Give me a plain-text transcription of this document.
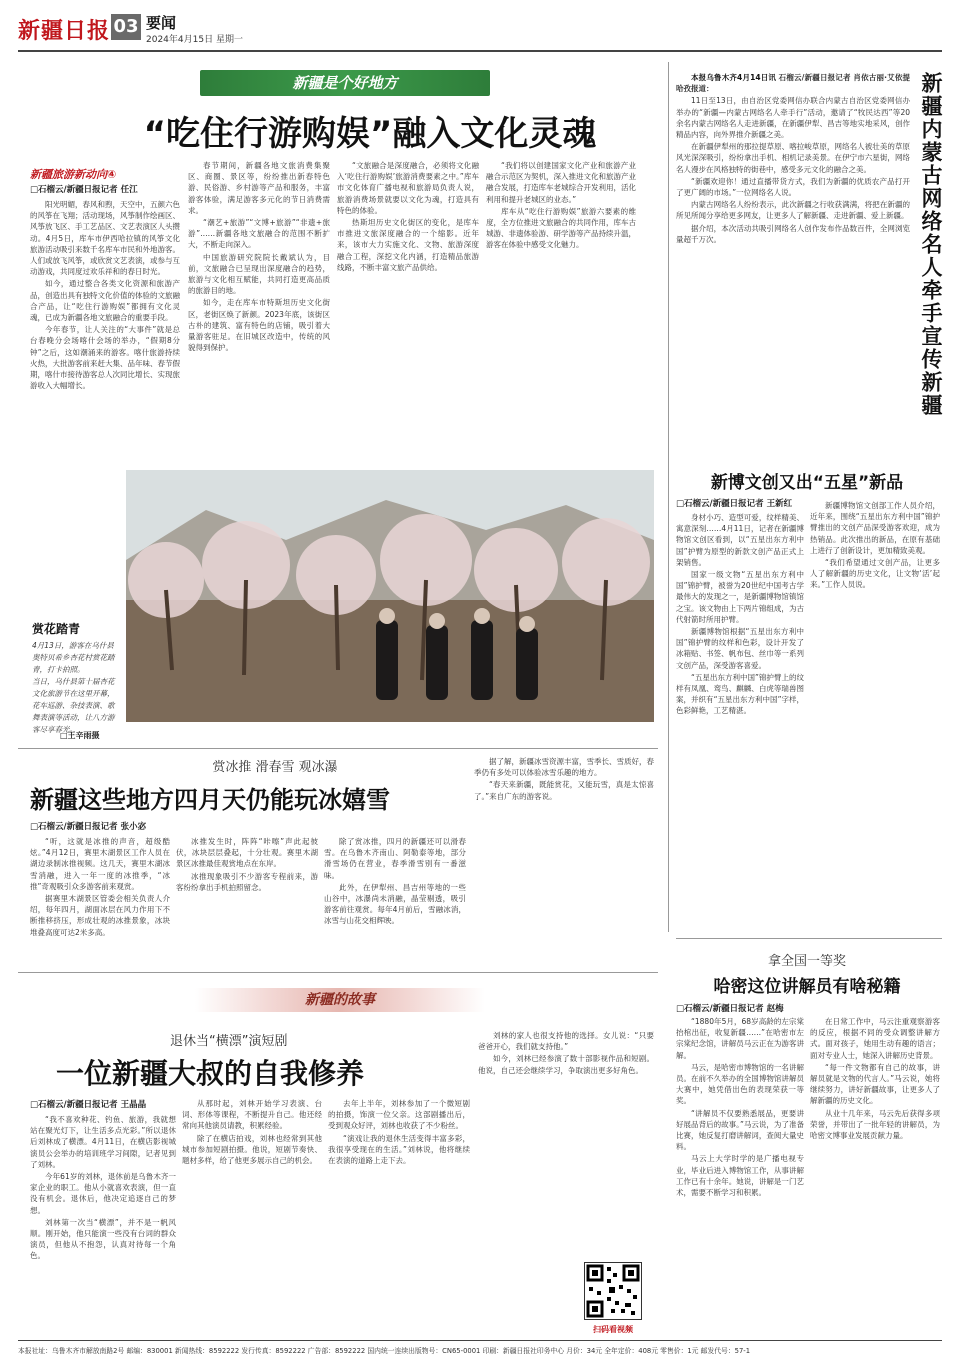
新疆日报 03 要闻
2024年4月15日 星期一
新疆是个好地方
“吃住行游购娱”融入文化灵魂
新疆旅游新动向④
□石榴云/新疆日报记者 任江

阳光明媚，春风和煦，天空中，五颜六色的风筝在飞翔；活动现场，风筝制作绘画区、风筝放飞区、手工艺品区、文艺表演区人头攒动。4月5日，库车市伊西哈拉镇的风筝文化旅游活动吸引来数千名库车市民和外地游客。人们或放飞风筝，或欣赏文艺表演，或参与互动游戏，共同度过欢乐祥和的春日时光。

如今，通过整合各类文化资源和旅游产品，创造出具有独特文化价值的体验的文旅融合产品，让“吃住行游购娱”都拥有文化灵魂，已成为新疆各地文旅融合的重要手段。

今年春节，让人关注的“大事件”就是总台春晚分会场喀什会场的举办，“假期8分钟”之后，这如潮涌来的游客。喀什旅游持续火热，大批游客前来赶大集、品年味、春节假期，喀什市接待游客总人次同比增长、实现旅游收入大幅增长。

春节期间，新疆各地文旅消费集聚区、商圈、景区等，纷纷推出新春特色游、民俗游、乡村游等产品和服务，丰富游客体验，满足游客多元化的节日消费需求。

“潮艺+旅游”“文博+旅游”“非遗+旅游”……新疆各地文旅融合的范围不断扩大，不断走向深入。

中国旅游研究院院长戴斌认为，目前，文旅融合已呈现出深度融合的趋势，旅游与文化相互赋能，共同打造更高品质的旅游目的地。

如今，走在库车市特斯坦历史文化街区，老街区焕了新颜。2023年底，该街区古朴的建筑、富有特色的店铺，吸引着大量游客驻足。在旧城区改造中，传统的风貌得到保护。

“文旅融合是深度融合，必须将文化融入‘吃住行游购娱’旅游消费要素之中。”库车市文化体育广播电视和旅游局负责人说，旅游消费场景就要以文化为魂，打造具有特色的体验。

热斯坦历史文化街区的变化，是库车市推进文旅深度融合的一个缩影。近年来，该市大力实施文化、文物、旅游深度融合工程，深挖文化内涵，打造精品旅游线路，不断丰富文旅产品供给。

“我们将以创建国家文化产业和旅游产业融合示范区为契机，深入推进文化和旅游产业融合发展，打造库车老城综合开发利用，活化利用和提升老城区的业态。”

库车从“吃住行游购娱”旅游六要素的维度，全方位推进文旅融合的共同作用，库车古城游、非遗体验游、研学游等产品持续升温，游客在体验中感受文化魅力。

赏花踏青
4月13日，游客在乌什县奥特贝希乡杏花村赏花踏青，打卡拍照。
当日，乌什县第十届杏花文化旅游节在这里开幕，花车巡游、杂技表演、歌舞表演等活动，让八方游客尽享春光。
□王辛雨摄
新疆内蒙古网络名人牵手宣传新疆

本报乌鲁木齐4月14日讯 石榴云/新疆日报记者 肖依古丽·艾依提哈孜报道：

11日至13日，由自治区党委网信办联合内蒙古自治区党委网信办举办的“新疆—内蒙古网络名人牵手行”活动，邀请了“牧民达西”等20余名内蒙古网络名人走进新疆，在新疆伊犁、昌吉等地实地采风，创作精品内容，向外界推介新疆之美。

在新疆伊犁州的那拉提草原、喀拉峻草原，网络名人被壮美的草原风光深深吸引，纷纷拿出手机、相机记录美景。在伊宁市六星街，网络名人漫步在风格独特的街巷中，感受多元文化的融合之美。

“新疆欢迎你！通过直播带货方式，我们为新疆的优质农产品打开了更广阔的市场。”一位网络名人说。

内蒙古网络名人纷纷表示，此次新疆之行收获满满，将把在新疆的所见所闻分享给更多网友，让更多人了解新疆、走进新疆、爱上新疆。

据介绍，本次活动共吸引网络名人创作发布作品数百件，全网浏览量超千万次。

新博文创又出“五星”新品
□石榴云/新疆日报记者 王新红

身材小巧、造型可爱，纹样精美、寓意深刻……4月11日，记者在新疆博物馆文创区看到，以“五星出东方利中国”护臂为原型的新款文创产品正式上架销售。

国家一级文物“五星出东方利中国”锦护臂，被誉为20世纪中国考古学最伟大的发现之一，是新疆博物馆镇馆之宝。该文物由上下两片锦组成，为古代射箭时所用护臂。

新疆博物馆根据“五星出东方利中国”锦护臂的纹样和色彩，设计开发了冰箱贴、书签、帆布包、丝巾等一系列文创产品，深受游客喜爱。

“五星出东方利中国”锦护臂上的纹样有凤凰、鸾鸟、麒麟、白虎等瑞兽图案，并织有“五星出东方利中国”字样，色彩鲜艳，工艺精湛。

新疆博物馆文创部工作人员介绍，近年来，围绕“五星出东方利中国”锦护臂推出的文创产品深受游客欢迎，成为热销品。此次推出的新品，在原有基础上进行了创新设计，更加精致美观。

“我们希望通过文创产品，让更多人了解新疆的历史文化，让文物‘活’起来。”工作人员说。

赏冰推 滑春雪 观冰瀑
新疆这些地方四月天仍能玩冰嬉雪
□石榴云/新疆日报记者 张小宓

“听，这就是冰推的声音，超级酷炫。”4月12日，赛里木湖景区工作人员在湖边录制冰推视频。这几天，赛里木湖冰雪消融，进入一年一度的冰推季，“冰推”奇观吸引众多游客前来观赏。

据赛里木湖景区管委会相关负责人介绍，每年四月，湖面冰层在风力作用下不断推移挤压，形成壮观的冰推景象，冰块堆叠高度可达2米多高。

冰推发生时，阵阵“咔嚓”声此起彼伏，冰块层层叠起，十分壮观。赛里木湖景区冰推最佳观赏地点在东岸。

冰推现象吸引不少游客专程前来，游客纷纷拿出手机拍照留念。

除了赏冰推，四月的新疆还可以滑春雪。在乌鲁木齐南山、阿勒泰等地，部分滑雪场仍在营业，春季滑雪别有一番滋味。

此外，在伊犁州、昌吉州等地的一些山谷中，冰瀑尚未消融，晶莹剔透，吸引游客前往观赏。每年4月前后，雪融冰消，冰雪与山花交相辉映。

据了解，新疆冰雪资源丰富，雪季长、雪质好，春季仍有多处可以体验冰雪乐趣的地方。

“春天来新疆，既能赏花，又能玩雪，真是太惊喜了。”来自广东的游客说。

拿全国一等奖
哈密这位讲解员有啥秘籍
□石榴云/新疆日报记者 赵梅

“1880年5月，68岁高龄的左宗棠抬棺出征，收复新疆……”在哈密市左宗棠纪念馆，讲解员马云正在为游客讲解。

马云，是哈密市博物馆的一名讲解员。在前不久举办的全国博物馆讲解员大赛中，她凭借出色的表现荣获一等奖。

“讲解员不仅要熟悉展品，更要讲好展品背后的故事。”马云说，为了准备比赛，她反复打磨讲解词，查阅大量史料。

马云上大学时学的是广播电视专业，毕业后进入博物馆工作，从事讲解工作已有十余年。她说，讲解是一门艺术，需要不断学习和积累。

在日常工作中，马云注重观察游客的反应，根据不同的受众调整讲解方式。面对孩子，她用生动有趣的语言；面对专业人士，她深入讲解历史背景。

“每一件文物都有自己的故事，讲解员就是文物的代言人。”马云说，她将继续努力，讲好新疆故事，让更多人了解新疆的历史文化。

从业十几年来，马云先后获得多项荣誉，并带出了一批年轻的讲解员，为哈密文博事业发展贡献力量。

新疆的故事
退休当“横漂”演短剧
一位新疆大叔的自我修养
□石榴云/新疆日报记者 王晶晶

“我不喜欢种花、钓鱼、旅游，我就想站在聚光灯下，让生活多点光彩。”所以退休后刘林成了横漂。4月11日，在横店影视城演员公会举办的培训班学习间隙，记者见到了刘林。

今年61岁的刘林，退休前是乌鲁木齐一家企业的职工。他从小就喜欢表演，但一直没有机会。退休后，他决定追逐自己的梦想。

刘林第一次当“横漂”，并不是一帆风顺。刚开始，他只能演一些没有台词的群众演员，但他从不抱怨，认真对待每一个角色。

从那时起，刘林开始学习表演、台词、形体等课程，不断提升自己。他还经常向其他演员请教，积累经验。

除了在横店拍戏，刘林也经常到其他城市参加短剧拍摄。他说，短剧节奏快、题材多样，给了他更多展示自己的机会。

去年上半年，刘林参加了一个微短剧的拍摄，饰演一位父亲。这部剧播出后，受到观众好评，刘林也收获了不少粉丝。

“演戏让我的退休生活变得丰富多彩，我很享受现在的生活。”刘林说，他将继续在表演的道路上走下去。

刘林的家人也很支持他的选择。女儿说：“只要爸爸开心，我们就支持他。”

如今，刘林已经参演了数十部影视作品和短剧。他说，自己还会继续学习，争取演出更多好角色。

扫码看视频
本报社址：乌鲁木齐市解放南路2号 邮编：830001 新闻热线：8592222 发行传真：8592222 广告部：8592222 国内统一连续出版物号：CN65-0001 印刷：新疆日报社印务中心 月价：34元 全年定价：408元 零售价：1元 邮发代号：57-1
